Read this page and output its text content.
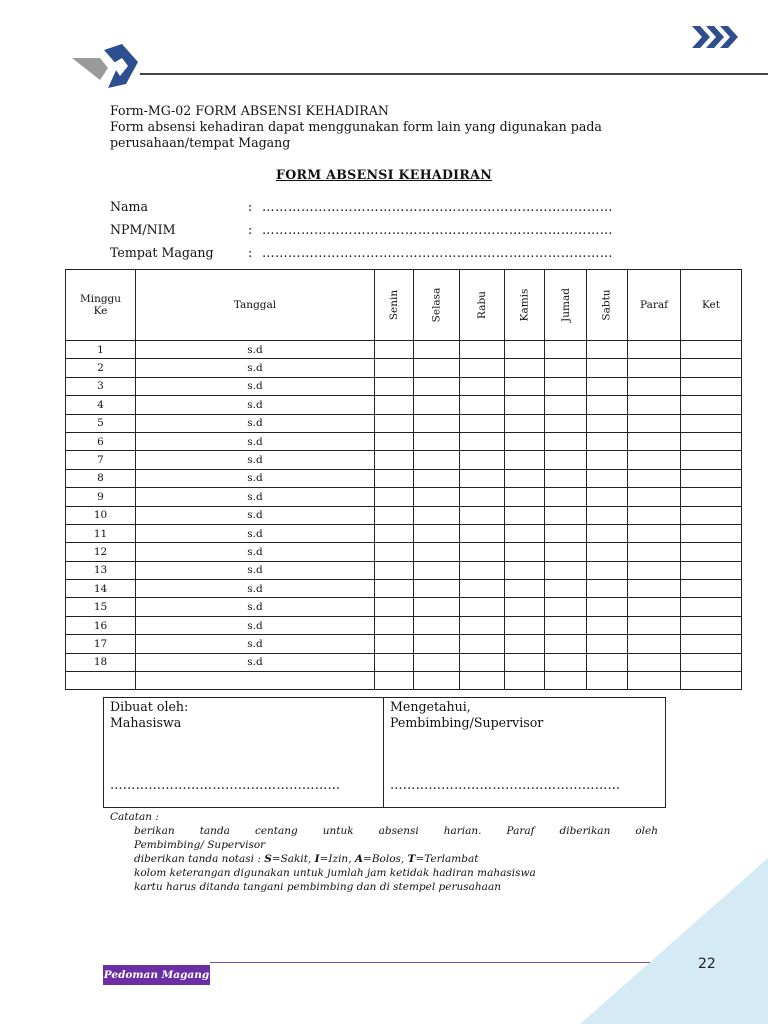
Form-MG-02 FORM ABSENSI KEHADIRAN
Form absensi kehadiran dapat menggunakan form lain yang digunakan pada
perusahaan/tempat Magang
FORM ABSENSI KEHADIRAN
Nama	: ………………………………………………………………………
NPM/NIM	: ………………………………………………………………………
Tempat Magang	: ………………………………………………………………………
Minggu
Ke	Tanggal	Senin	Selasa	Rabu	Kamis	Jumad	Sabtu	Paraf	Ket
1	s.d								
2	s.d								
3	s.d								
4	s.d								
5	s.d								
6	s.d								
7	s.d								
8	s.d								
9	s.d								
10	s.d								
11	s.d								
12	s.d								
13	s.d								
14	s.d								
15	s.d								
16	s.d								
17	s.d								
18	s.d								

Dibuat oleh:
Mahasiswa
………………………………………………
Mengetahui,
Pembimbing/Supervisor
………………………………………………
Catatan :
berikan tanda centang untuk absensi harian. Paraf diberikan oleh
Pembimbing/ Supervisor
diberikan tanda notasi : S=Sakit, I=Izin, A=Bolos, T=Terlambat
kolom keterangan digunakan untuk jumlah jam ketidak hadiran mahasiswa
kartu harus ditanda tangani pembimbing dan di stempel perusahaan
Pedoman Magang
22
